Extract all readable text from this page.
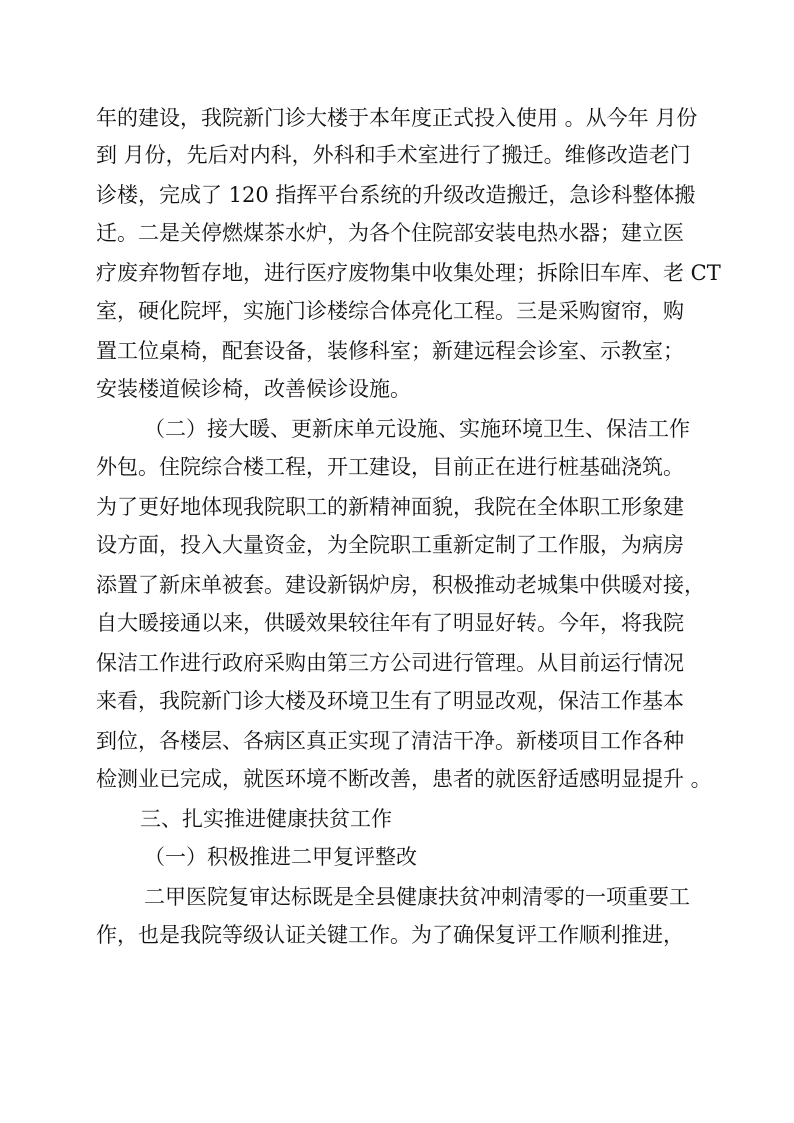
年的建设，我院新门诊大楼于本年度正式投入使用 。从今年 月份
到 月份，先后对内科，外科和手术室进行了搬迁。维修改造老门
诊楼，完成了 120 指挥平台系统的升级改造搬迁，急诊科整体搬
迁。二是关停燃煤茶水炉，为各个住院部安装电热水器；建立医
疗废弃物暂存地，进行医疗废物集中收集处理；拆除旧车库、老 CT
室，硬化院坪，实施门诊楼综合体亮化工程。三是采购窗帘，购
置工位桌椅，配套设备，装修科室；新建远程会诊室、示教室；
安装楼道候诊椅，改善候诊设施。
（二）接大暖、更新床单元设施、实施环境卫生、保洁工作
外包。住院综合楼工程，开工建设，目前正在进行桩基础浇筑。
为了更好地体现我院职工的新精神面貌，我院在全体职工形象建
设方面，投入大量资金，为全院职工重新定制了工作服，为病房
添置了新床单被套。建设新锅炉房，积极推动老城集中供暖对接，
自大暖接通以来，供暖效果较往年有了明显好转。今年，将我院
保洁工作进行政府采购由第三方公司进行管理。从目前运行情况
来看，我院新门诊大楼及环境卫生有了明显改观，保洁工作基本
到位，各楼层、各病区真正实现了清洁干净。新楼项目工作各种
检测业已完成，就医环境不断改善，患者的就医舒适感明显提升 。
三、扎实推进健康扶贫工作
（一）积极推进二甲复评整改
二甲医院复审达标既是全县健康扶贫冲刺清零的一项重要工
作，也是我院等级认证关键工作。为了确保复评工作顺利推进，
